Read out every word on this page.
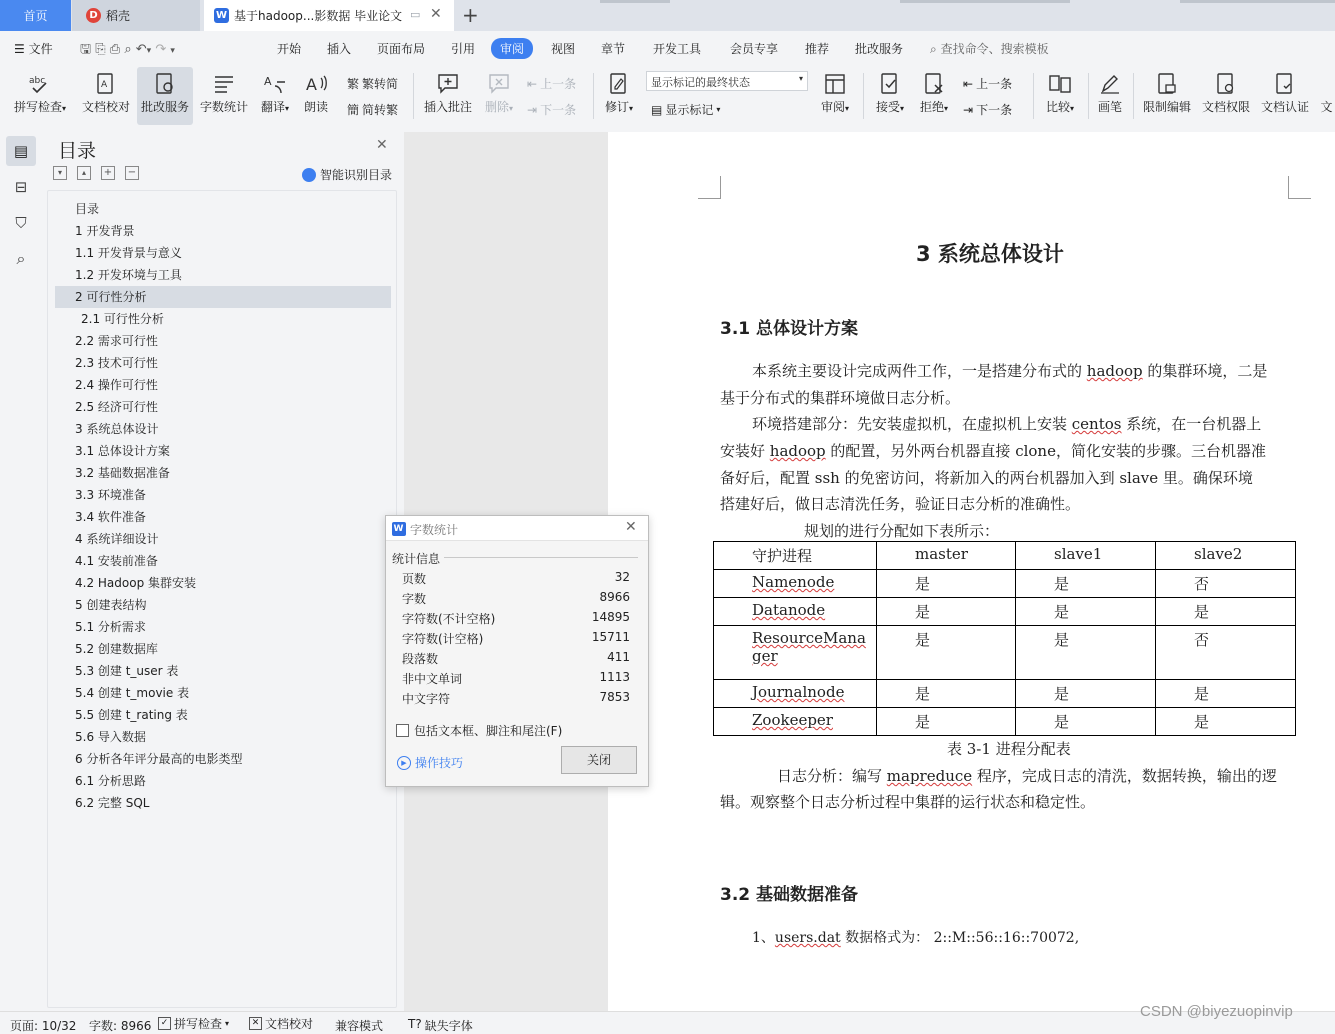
首页	D 稻壳	W 基于hadoop...影数据 毕业论文 ▭ ✕ +
☰ 文件 🖫 ⎘ ⎙ ⌕ ↶▾ ↷ ▾	开始 插入 页面布局 引用	审阅	视图 章节 开发工具 会员专享 推荐 批改服务 ⌕ 查找命令、搜索模板
abc
拼写检查▾
A
文档校对 批改服务 字数统计
A
翻译▾
A
朗读
繁 繁转简
簡 简转繁	插入批注	删除▾
⇤ 上一条
⇥ 下一条	修订▾
显示标记的最终状态	▾
▤ 显示标记 ▾	审阅▾	接受▾	拒绝▾
⇤ 上一条
⇥ 下一条	比较▾	画笔 限制编辑 文档权限 文档认证 文
▤
⊟
⛉
⌕
目录	✕
▾	▴	+ −	智能识别目录
目录
1 开发背景
1.1 开发背景与意义
1.2 开发环境与工具
2 可行性分析
2.1 可行性分析
2.2 需求可行性
2.3 技术可行性
2.4 操作可行性
2.5 经济可行性
3 系统总体设计
3.1 总体设计方案
3.2 基础数据准备
3.3 环境准备
3.4 软件准备
4 系统详细设计
4.1 安装前准备
4.2 Hadoop 集群安装
5 创建表结构
5.1 分析需求
5.2 创建数据库
5.3 创建 t_user 表
5.4 创建 t_movie 表
5.5 创建 t_rating 表
5.6 导入数据
6 分析各年评分最高的电影类型
6.1 分析思路
6.2 完整 SQL
3 系统总体设计
3.1 总体设计方案
本系统主要设计完成两件工作，一是搭建分布式的 hadoop 的集群环境，二是
基于分布式的集群环境做日志分析。
环境搭建部分：先安装虚拟机，在虚拟机上安装 centos 系统，在一台机器上
安装好 hadoop 的配置，另外两台机器直接 clone，简化安装的步骤。三台机器准
备好后，配置 ssh 的免密访问，将新加入的两台机器加入到 slave 里。确保环境
搭建好后，做日志清洗任务，验证日志分析的准确性。
规划的进行分配如下表所示：
守护进程	master	slave1	slave2
Namenode	是	是	否
Datanode	是	是	是
ResourceManager	是	是	否
Journalnode	是	是	是
Zookeeper	是	是	是
表 3-1 进程分配表
日志分析：编写 mapreduce 程序，完成日志的清洗，数据转换，输出的逻
辑。观察整个日志分析过程中集群的运行状态和稳定性。
3.2 基础数据准备
1、users.dat 数据格式为： 2::M::56::16::70072,
W 字数统计	✕
统计信息
页数	32
字数	8966
字符数(不计空格)	14895
字符数(计空格)	15711
段落数	411
非中文单词	1113
中文字符	7853
包括文本框、脚注和尾注(F)
▶ 操作技巧	关闭
页面: 10/32 字数: 8966	✓ 拼写检查 ▾	✕ 文档校对 兼容模式 T? 缺失字体
CSDN @biyezuopinvip
